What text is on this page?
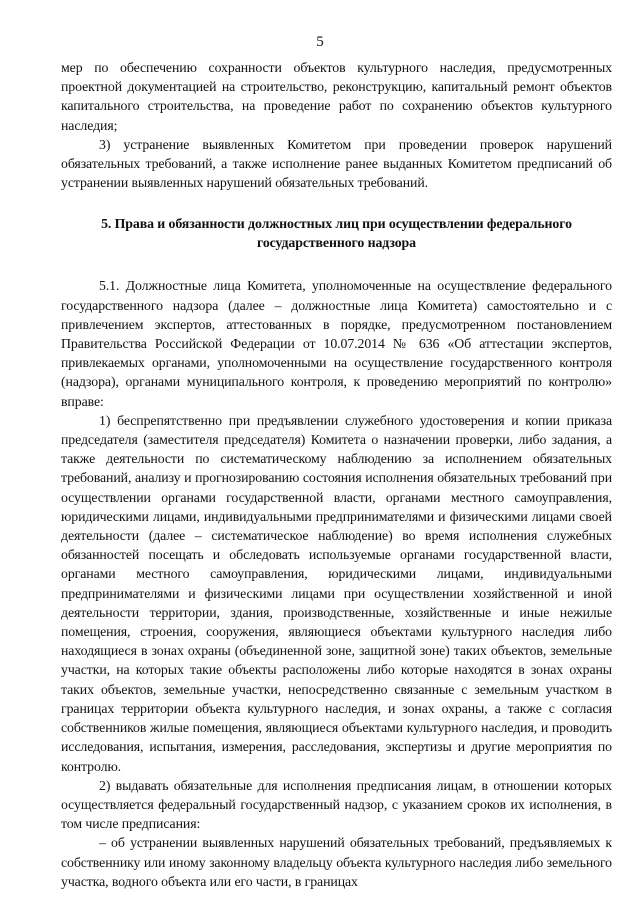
5

мер по обеспечению сохранности объектов культурного наследия, предусмотренных проектной документацией на строительство, реконструкцию, капитальный ремонт объектов капитального строительства, на проведение работ по сохранению объектов культурного наследия;

3) устранение выявленных Комитетом при проведении проверок нарушений обязательных требований, а также исполнение ранее выданных Комитетом предписаний об устранении выявленных нарушений обязательных требований.

5. Права и обязанности должностных лиц при осуществлении федерального государственного надзора

5.1. Должностные лица Комитета, уполномоченные на осуществление федерального государственного надзора (далее – должностные лица Комитета) самостоятельно и с привлечением экспертов, аттестованных в порядке, предусмотренном постановлением Правительства Российской Федерации от 10.07.2014 № 636 «Об аттестации экспертов, привлекаемых органами, уполномоченными на осуществление государственного контроля (надзора), органами муниципального контроля, к проведению мероприятий по контролю» вправе:

1) беспрепятственно при предъявлении служебного удостоверения и копии приказа председателя (заместителя председателя) Комитета о назначении проверки, либо задания, а также деятельности по систематическому наблюдению за исполнением обязательных требований, анализу и прогнозированию состояния исполнения обязательных требований при осуществлении органами государственной власти, органами местного самоуправления, юридическими лицами, индивидуальными предпринимателями и физическими лицами своей деятельности (далее – систематическое наблюдение) во время исполнения служебных обязанностей посещать и обследовать используемые органами государственной власти, органами местного самоуправления, юридическими лицами, индивидуальными предпринимателями и физическими лицами при осуществлении хозяйственной и иной деятельности территории, здания, производственные, хозяйственные и иные нежилые помещения, строения, сооружения, являющиеся объектами культурного наследия либо находящиеся в зонах охраны (объединенной зоне, защитной зоне) таких объектов, земельные участки, на которых такие объекты расположены либо которые находятся в зонах охраны таких объектов, земельные участки, непосредственно связанные с земельным участком в границах территории объекта культурного наследия, и зонах охраны, а также с согласия собственников жилые помещения, являющиеся объектами культурного наследия, и проводить исследования, испытания, измерения, расследования, экспертизы и другие мероприятия по контролю.

2) выдавать обязательные для исполнения предписания лицам, в отношении которых осуществляется федеральный государственный надзор, с указанием сроков их исполнения, в том числе предписания:

– об устранении выявленных нарушений обязательных требований, предъявляемых к собственнику или иному законному владельцу объекта культурного наследия либо земельного участка, водного объекта или его части, в границах
